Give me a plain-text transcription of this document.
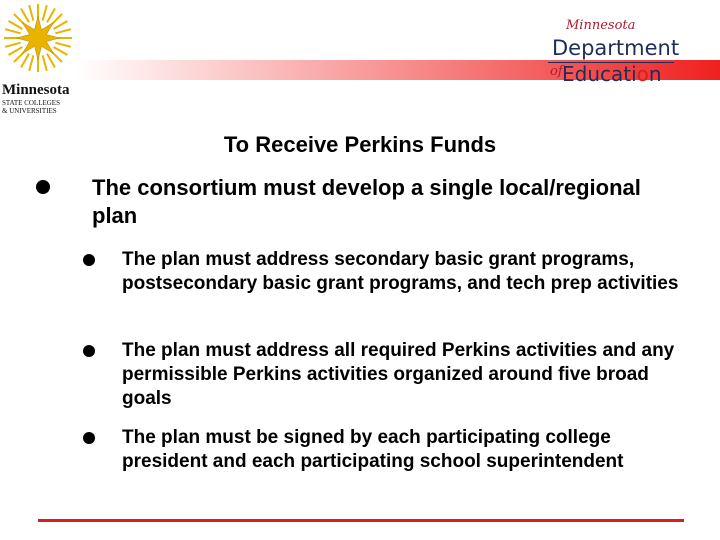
Minnesota
STATE COLLEGES
& UNIVERSITIES
Minnesota
Department
of Education
To Receive Perkins Funds
The consortium must develop a single local/regional plan
The plan must address secondary basic grant programs, postsecondary basic grant programs, and tech prep activities
The plan must address all required Perkins activities and any permissible Perkins activities organized around five broad goals
The plan must be signed by each participating college president and each participating school superintendent
